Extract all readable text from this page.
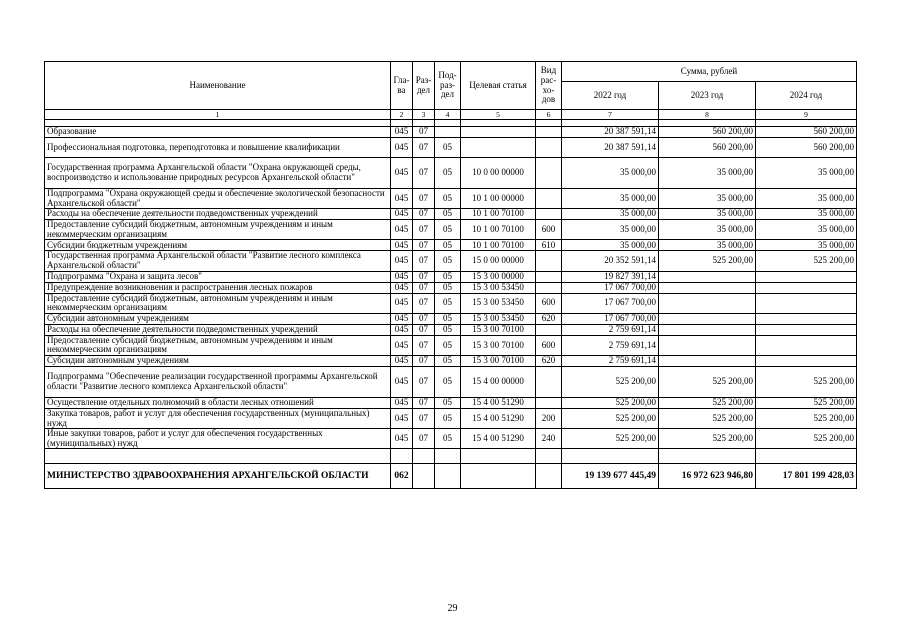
Наименование	Гла-ва	Раз-дел	Под-раз-дел	Целевая статья	Вид рас-хо-дов	Сумма, рублей		
						2022 год	2023 год	2024 год
1	2	3	4	5	6	7	8	9

Образование	045	07				20 387 591,14	560 200,00	560 200,00
Профессиональная подготовка, переподготовка и повышение квалификации	045	07	05			20 387 591,14	560 200,00	560 200,00
Государственная программа Архангельской области "Охрана окружающей среды, воспроизводство и использование природных ресурсов Архангельской области"	045	07	05	10 0 00 00000		35 000,00	35 000,00	35 000,00
Подпрограмма "Охрана окружающей среды и обеспечение экологической безопасности Архангельской области"	045	07	05	10 1 00 00000		35 000,00	35 000,00	35 000,00
Расходы на обеспечение деятельности подведомственных учреждений	045	07	05	10 1 00 70100		35 000,00	35 000,00	35 000,00
Предоставление субсидий бюджетным, автономным учреждениям и иным некоммерческим организациям	045	07	05	10 1 00 70100	600	35 000,00	35 000,00	35 000,00
Субсидии бюджетным учреждениям	045	07	05	10 1 00 70100	610	35 000,00	35 000,00	35 000,00
Государственная программа Архангельской области "Развитие лесного комплекса Архангельской области"	045	07	05	15 0 00 00000		20 352 591,14	525 200,00	525 200,00
Подпрограмма "Охрана и защита лесов"	045	07	05	15 3 00 00000		19 827 391,14		
Предупреждение возникновения и распространения лесных пожаров	045	07	05	15 3 00 53450		17 067 700,00		
Предоставление субсидий бюджетным, автономным учреждениям и иным некоммерческим организациям	045	07	05	15 3 00 53450	600	17 067 700,00		
Субсидии автономным учреждениям	045	07	05	15 3 00 53450	620	17 067 700,00		
Расходы на обеспечение деятельности подведомственных учреждений	045	07	05	15 3 00 70100		2 759 691,14		
Предоставление субсидий бюджетным, автономным учреждениям и иным некоммерческим организациям	045	07	05	15 3 00 70100	600	2 759 691,14		
Субсидии автономным учреждениям	045	07	05	15 3 00 70100	620	2 759 691,14		
Подпрограмма "Обеспечение реализации государственной программы Архангельской области "Развитие лесного комплекса Архангельской области"	045	07	05	15 4 00 00000		525 200,00	525 200,00	525 200,00
Осуществление отдельных полномочий в области лесных отношений	045	07	05	15 4 00 51290		525 200,00	525 200,00	525 200,00
Закупка товаров, работ и услуг для обеспечения государственных (муниципальных) нужд	045	07	05	15 4 00 51290	200	525 200,00	525 200,00	525 200,00
Иные закупки товаров, работ и услуг для обеспечения государственных (муниципальных) нужд	045	07	05	15 4 00 51290	240	525 200,00	525 200,00	525 200,00

МИНИСТЕРСТВО ЗДРАВООХРАНЕНИЯ АРХАНГЕЛЬСКОЙ ОБЛАСТИ	062					19 139 677 445,49	16 972 623 946,80	17 801 199 428,03
29
